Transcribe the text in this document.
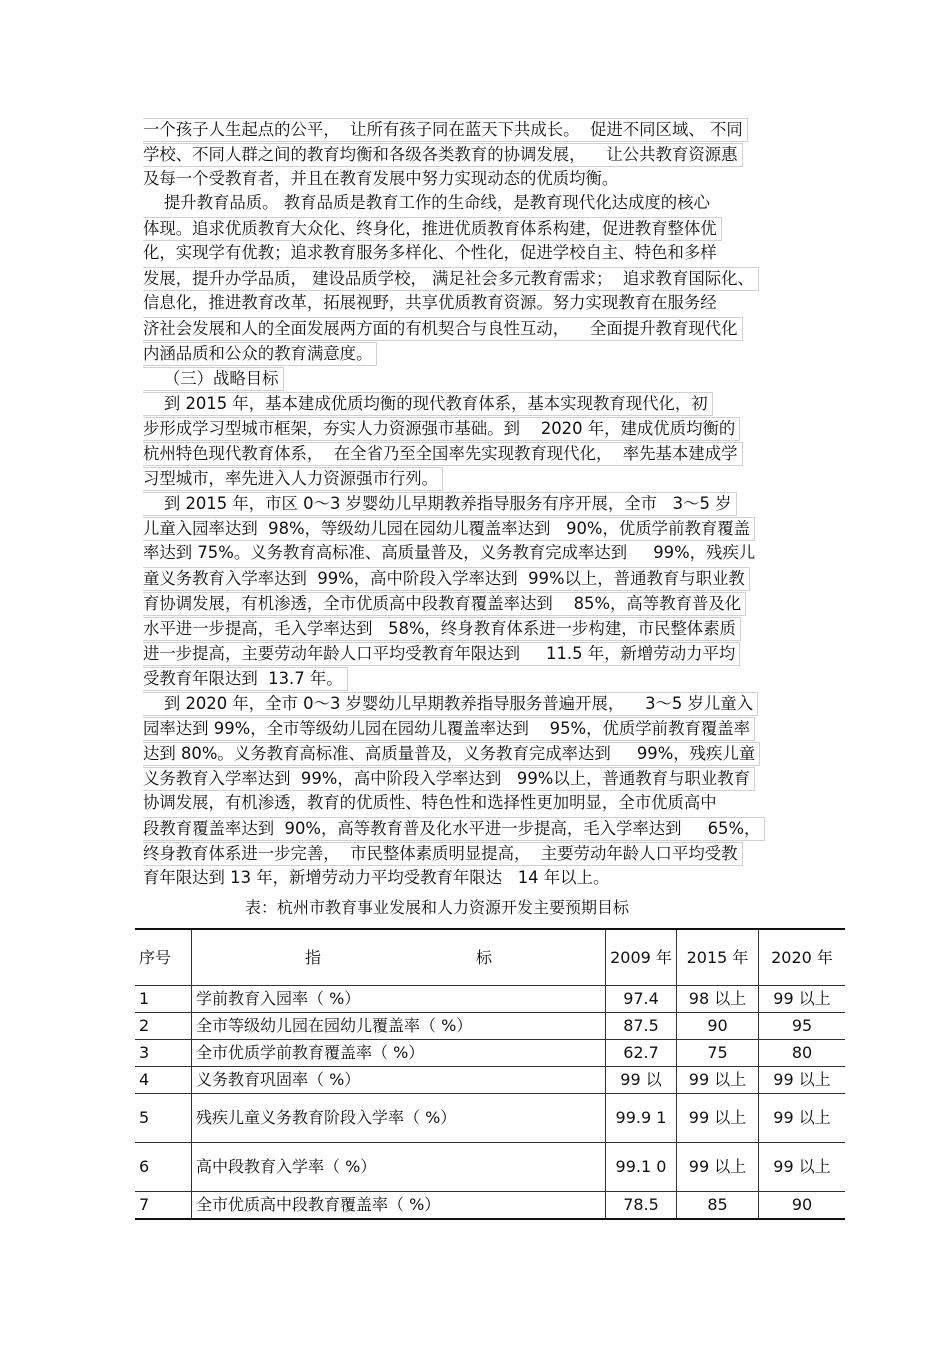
一个孩子人生起点的公平，  让所有孩子同在蓝天下共成长。  促进不同区域、 不同
学校、不同人群之间的教育均衡和各级各类教育的协调发展，    让公共教育资源惠
及每一个受教育者，并且在教育发展中努力实现动态的优质均衡。
提升教育品质。 教育品质是教育工作的生命线，是教育现代化达成度的核心
体现。追求优质教育大众化、终身化，推进优质教育体系构建，促进教育整体优
化，实现学有优教；追求教育服务多样化、个性化，促进学校自主、特色和多样
发展，提升办学品质， 建设品质学校， 满足社会多元教育需求；  追求教育国际化、
信息化，推进教育改革，拓展视野，共享优质教育资源。努力实现教育在服务经
济社会发展和人的全面发展两方面的有机契合与良性互动，    全面提升教育现代化
内涵品质和公众的教育满意度。
（三）战略目标
到 2015 年，基本建成优质均衡的现代教育体系，基本实现教育现代化，初
步形成学习型城市框架，夯实人力资源强市基础。到    2020 年，建成优质均衡的
杭州特色现代教育体系，  在全省乃至全国率先实现教育现代化，  率先基本建成学
习型城市，率先进入人力资源强市行列。
到 2015 年，市区 0～3 岁婴幼儿早期教养指导服务有序开展，全市   3～5 岁
儿童入园率达到  98%，等级幼儿园在园幼儿覆盖率达到   90%，优质学前教育覆盖
率达到 75%。义务教育高标准、高质量普及，义务教育完成率达到     99%，残疾儿
童义务教育入学率达到  99%，高中阶段入学率达到  99%以上，普通教育与职业教
育协调发展，有机渗透，全市优质高中段教育覆盖率达到    85%，高等教育普及化
水平进一步提高，毛入学率达到   58%，终身教育体系进一步构建，市民整体素质
进一步提高，主要劳动年龄人口平均受教育年限达到     11.5 年，新增劳动力平均
受教育年限达到  13.7 年。
到 2020 年，全市 0～3 岁婴幼儿早期教养指导服务普遍开展，    3～5 岁儿童入
园率达到 99%，全市等级幼儿园在园幼儿覆盖率达到    95%，优质学前教育覆盖率
达到 80%。义务教育高标准、高质量普及，义务教育完成率达到     99%，残疾儿童
义务教育入学率达到  99%，高中阶段入学率达到   99%以上，普通教育与职业教育
协调发展，有机渗透，教育的优质性、特色性和选择性更加明显，全市优质高中
段教育覆盖率达到  90%，高等教育普及化水平进一步提高，毛入学率达到     65%，
终身教育体系进一步完善，  市民整体素质明显提高，  主要劳动年龄人口平均受教
育年限达到 13 年，新增劳动力平均受教育年限达   14 年以上。
表：杭州市教育事业发展和人力资源开发主要预期目标
序号	指 标	2009 年	2015 年	2020 年
1	学前教育入园率（ %）	97.4	98 以上	99 以上
2	全市等级幼儿园在园幼儿覆盖率（ %）	87.5	90	95
3	全市优质学前教育覆盖率（ %）	62.7	75	80
4	义务教育巩固率（ %）	99 以	99 以上	99 以上
5	残疾儿童义务教育阶段入学率（ %）	99.9 1	99 以上	99 以上
6	高中段教育入学率（ %）	99.1 0	99 以上	99 以上
7	全市优质高中段教育覆盖率（ %）	78.5	85	90
